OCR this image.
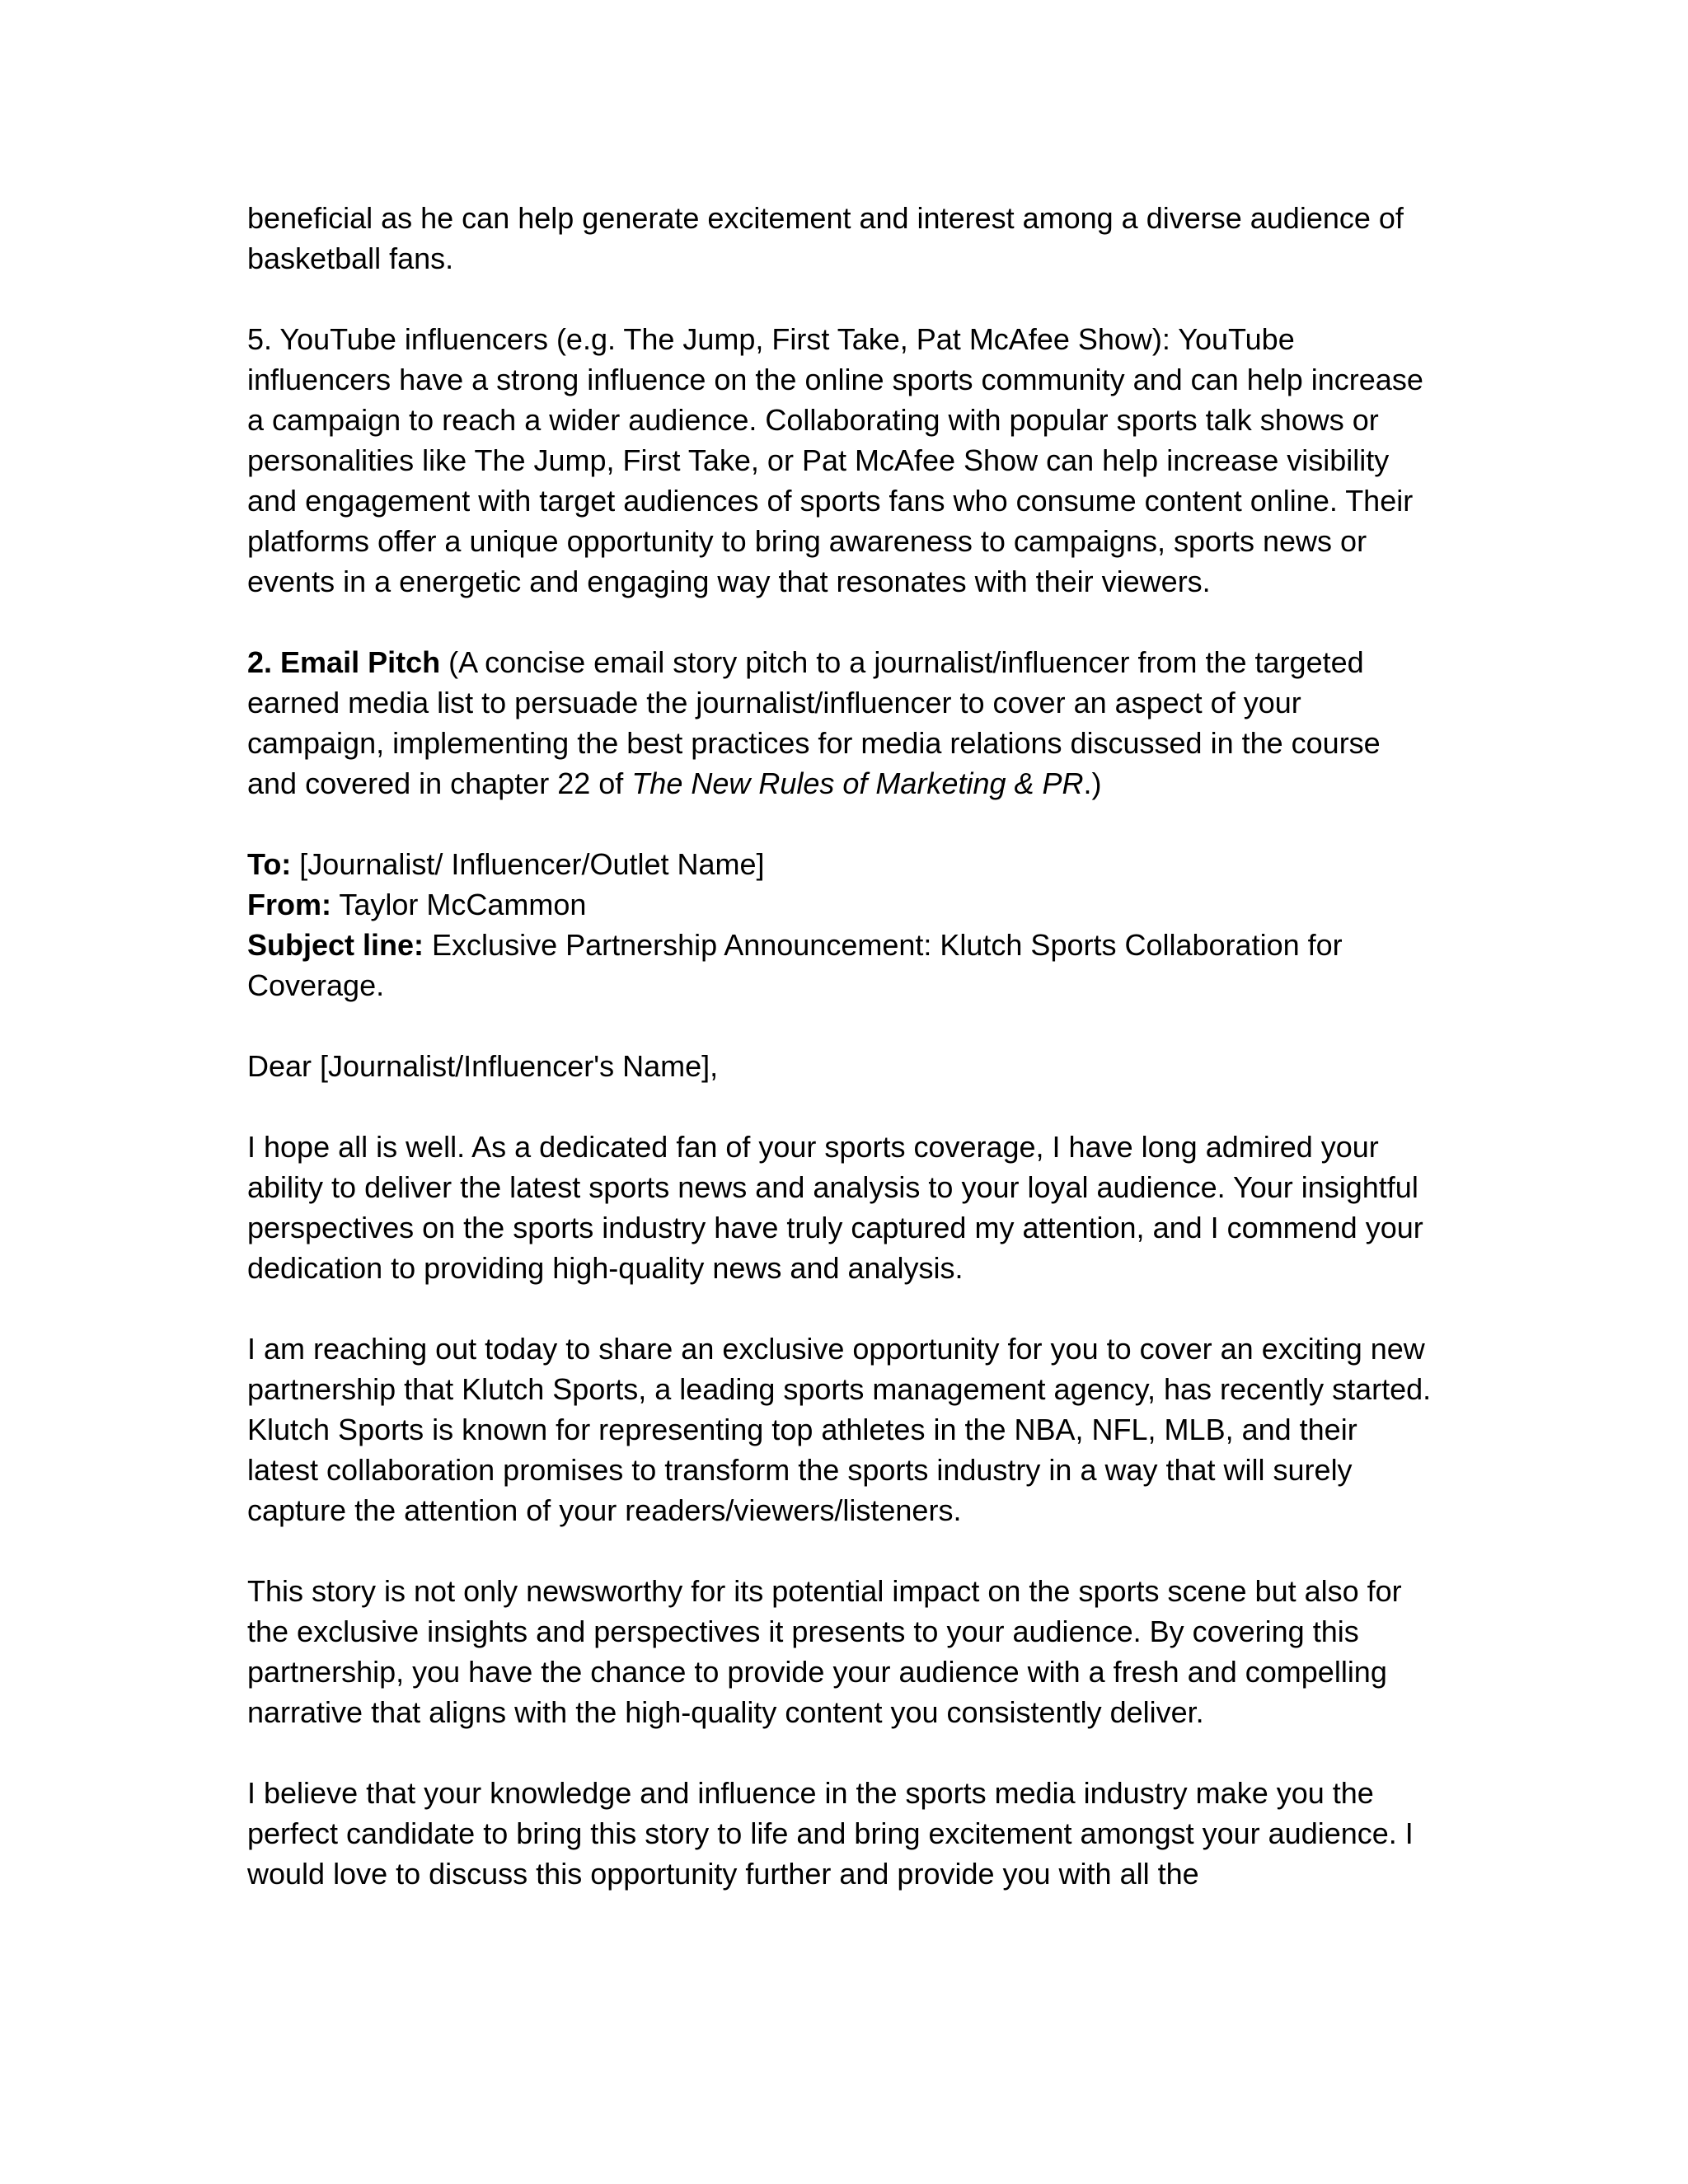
beneficial as he can help generate excitement and interest among a diverse audience of basketball fans.

5. YouTube influencers (e.g. The Jump, First Take, Pat McAfee Show): YouTube influencers have a strong influence on the online sports community and can help increase a campaign to reach a wider audience. Collaborating with popular sports talk shows or personalities like The Jump, First Take, or Pat McAfee Show can help increase visibility and engagement with target audiences of sports fans who consume content online. Their platforms offer a unique opportunity to bring awareness to campaigns, sports news or events in a energetic and engaging way that resonates with their viewers.

2. Email Pitch (A concise email story pitch to a journalist/influencer from the targeted earned media list to persuade the journalist/influencer to cover an aspect of your campaign, implementing the best practices for media relations discussed in the course and covered in chapter 22 of The New Rules of Marketing & PR.)

To: [Journalist/ Influencer/Outlet Name]

From: Taylor McCammon

Subject line: Exclusive Partnership Announcement: Klutch Sports Collaboration for Coverage.

Dear [Journalist/Influencer's Name],

I hope all is well. As a dedicated fan of your sports coverage, I have long admired your ability to deliver the latest sports news and analysis to your loyal audience. Your insightful perspectives on the sports industry have truly captured my attention, and I commend your dedication to providing high-quality news and analysis.

I am reaching out today to share an exclusive opportunity for you to cover an exciting new partnership that Klutch Sports, a leading sports management agency, has recently started. Klutch Sports is known for representing top athletes in the NBA, NFL, MLB, and their latest collaboration promises to transform the sports industry in a way that will surely capture the attention of your readers/viewers/listeners.

This story is not only newsworthy for its potential impact on the sports scene but also for the exclusive insights and perspectives it presents to your audience. By covering this partnership, you have the chance to provide your audience with a fresh and compelling narrative that aligns with the high-quality content you consistently deliver.

I believe that your knowledge and influence in the sports media industry make you the perfect candidate to bring this story to life and bring excitement amongst your audience. I would love to discuss this opportunity further and provide you with all the
